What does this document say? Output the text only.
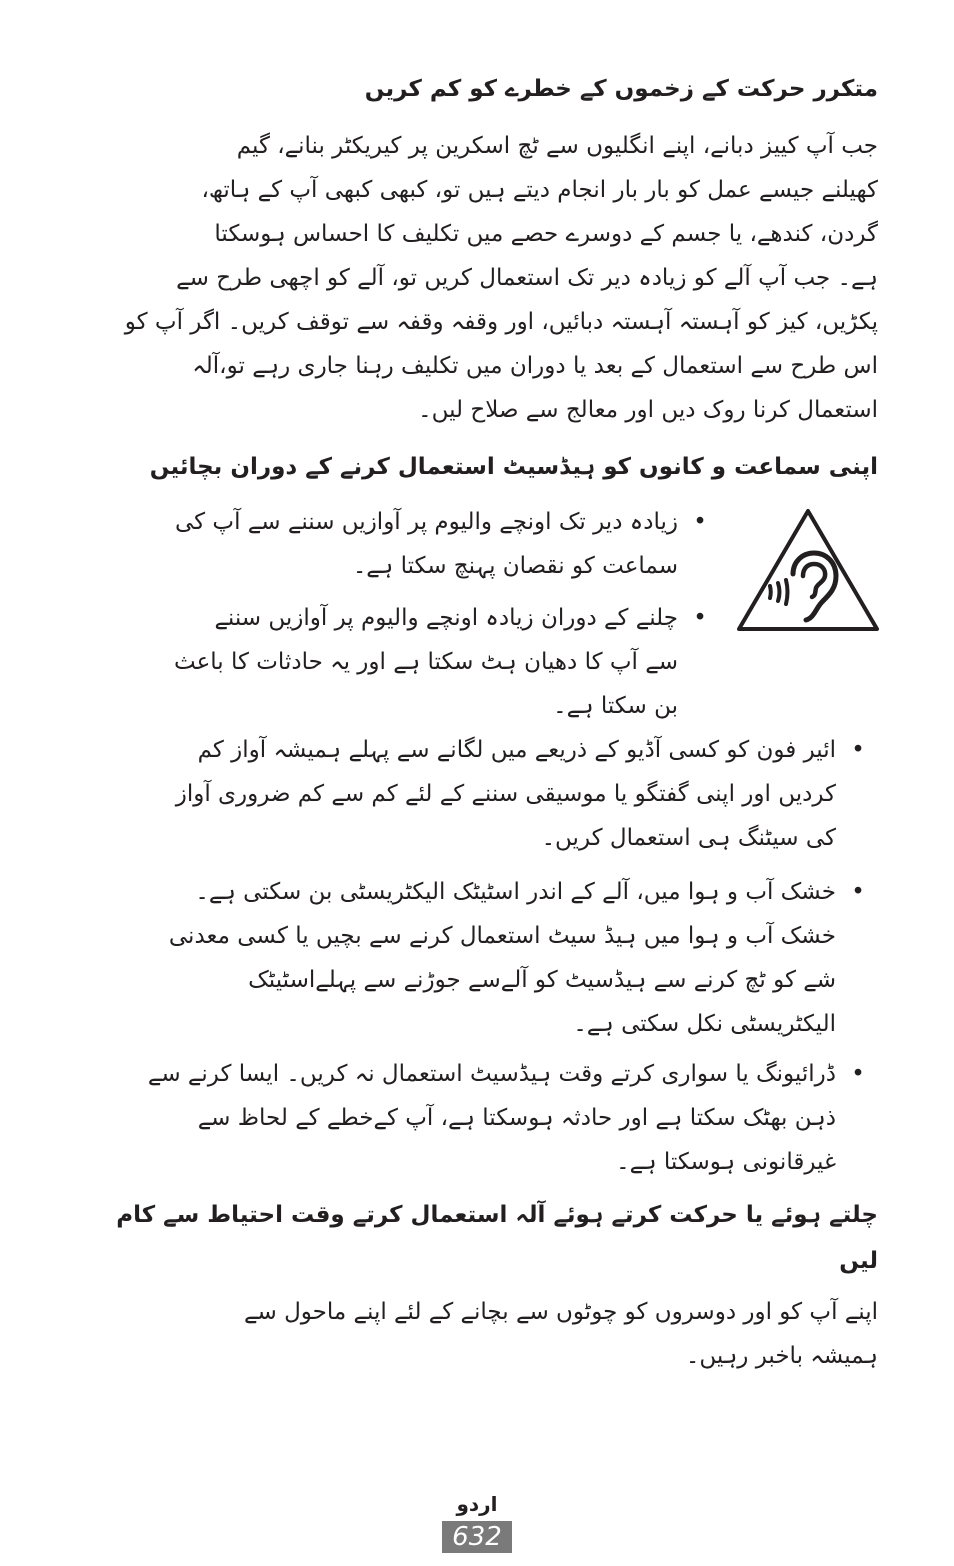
متکرر حرکت کے زخموں کے خطرے کو کم کریں
جب آپ کییز دبانے، اپنے انگلیوں سے ٹچ اسکرین پر کیریکٹر بنانے، گیم
کھیلنے جیسے عمل کو بار بار انجام دیتے ہیں تو، کبھی کبھی آپ کے ہاتھ،
گردن، کندھے، یا جسم کے دوسرے حصے میں تکلیف کا احساس ہوسکتا
ہے۔ جب آپ آلے کو زیادہ دیر تک استعمال کریں تو، آلے کو اچھی طرح سے
پکڑیں، کیز کو آہستہ آہستہ دبائیں، اور وقفہ وقفہ سے توقف کریں۔ اگر آپ کو
اس طرح سے استعمال کے بعد یا دوران میں تکلیف رہنا جاری رہے تو،آلہ
استعمال کرنا روک دیں اور معالج سے صلاح لیں۔
اپنی سماعت و کانوں کو ہیڈسیٹ استعمال کرنے کے دوران بچائیں
•
زیادہ دیر تک اونچے والیوم پر آوازیں سننے سے آپ کی
سماعت کو نقصان پہنچ سکتا ہے۔
•
چلنے کے دوران زیادہ اونچے والیوم پر آوازیں سننے
سے آپ کا دھیان ہٹ سکتا ہے اور یہ حادثات کا باعث
بن سکتا ہے۔
•
ائیر فون کو کسی آڈیو کے ذریعے میں لگانے سے پہلے ہمیشہ آواز کم
کردیں اور اپنی گفتگو یا موسیقی سننے کے لئے کم سے کم ضروری آواز
کی سیٹنگ ہی استعمال کریں۔
•
خشک آب و ہوا میں، آلے کے اندر اسٹیٹک الیکٹریسٹی بن سکتی ہے۔
خشک آب و ہوا میں ہیڈ سیٹ استعمال کرنے سے بچیں یا کسی معدنی
شے کو ٹچ کرنے سے ہیڈسیٹ کو آلےسے جوڑنے سے پہلےاسٹیٹک
الیکٹریسٹی نکل سکتی ہے۔
•
ڈرائیونگ یا سواری کرتے وقت ہیڈسیٹ استعمال نہ کریں۔ ایسا کرنے سے
ذہن بھٹک سکتا ہے اور حادثہ ہوسکتا ہے، آپ کےخطے کے لحاظ سے
غیرقانونی ہوسکتا ہے۔
چلتے ہوئے یا حرکت کرتے ہوئے آلہ استعمال کرتے وقت احتیاط سے کام
لیں
اپنے آپ کو اور دوسروں کو چوٹوں سے بچانے کے لئے اپنے ماحول سے
ہمیشہ باخبر رہیں۔
اردو
632
